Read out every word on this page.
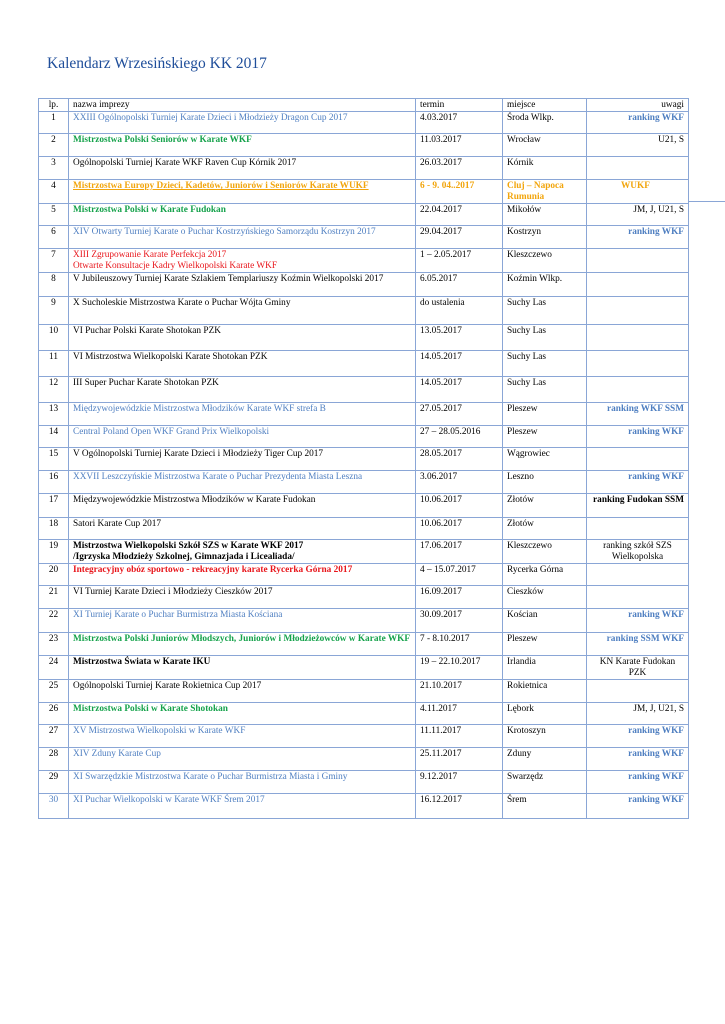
Kalendarz Wrzesińskiego KK 2017
lp.	nazwa imprezy	termin	miejsce	uwagi
1	XXIII Ogólnopolski Turniej Karate Dzieci i Młodzieży Dragon Cup 2017	4.03.2017	Środa Wlkp.	ranking WKF
2	Mistrzostwa Polski Seniorów w Karate WKF	11.03.2017	Wrocław	U21, S
3	Ogólnopolski Turniej Karate WKF Raven Cup Kórnik 2017	26.03.2017	Kórnik	
4	Mistrzostwa Europy Dzieci, Kadetów, Juniorów i Seniorów Karate WUKF	6 - 9. 04..2017	Cluj – Napoca Rumunia	WUKF
5	Mistrzostwa Polski w Karate Fudokan	22.04.2017	Mikołów	JM, J, U21, S
6	XIV Otwarty Turniej Karate o Puchar Kostrzyńskiego Samorządu Kostrzyn 2017	29.04.2017	Kostrzyn	ranking WKF
7	XIII Zgrupowanie Karate Perfekcja 2017
Otwarte Konsultacje Kadry Wielkopolski Karate WKF	1 – 2.05.2017	Kleszczewo	
8	V Jubileuszowy Turniej Karate Szlakiem Templariuszy Koźmin Wielkopolski 2017	6.05.2017	Koźmin Wlkp.	
9	X Sucholeskie Mistrzostwa Karate o Puchar Wójta Gminy	do ustalenia	Suchy Las	
10	VI Puchar Polski Karate Shotokan PZK	13.05.2017	Suchy Las	
11	VI Mistrzostwa Wielkopolski Karate Shotokan PZK	14.05.2017	Suchy Las	
12	III Super Puchar Karate Shotokan PZK	14.05.2017	Suchy Las	
13	Międzywojewódzkie Mistrzostwa Młodzików Karate WKF strefa B	27.05.2017	Pleszew	ranking WKF SSM
14	Central Poland Open WKF Grand Prix Wielkopolski	27 – 28.05.2016	Pleszew	ranking WKF
15	V Ogólnopolski Turniej Karate Dzieci i Młodzieży Tiger Cup 2017	28.05.2017	Wągrowiec	
16	XXVII Leszczyńskie Mistrzostwa Karate o Puchar Prezydenta Miasta Leszna	3.06.2017	Leszno	ranking WKF
17	Międzywojewódzkie Mistrzostwa Młodzików w Karate Fudokan	10.06.2017	Złotów	ranking Fudokan SSM
18	Satori Karate Cup 2017	10.06.2017	Złotów	
19	Mistrzostwa Wielkopolski Szkół SZS w Karate WKF 2017
/Igrzyska Młodzieży Szkolnej, Gimnazjada i Licealiada/	17.06.2017	Kleszczewo	ranking szkół SZS Wielkopolska
20	Integracyjny obóz sportowo - rekreacyjny karate Rycerka Górna 2017	4 – 15.07.2017	Rycerka Górna	
21	VI Turniej Karate Dzieci i Młodzieży Cieszków 2017	16.09.2017	Cieszków	
22	XI Turniej Karate o Puchar Burmistrza Miasta Kościana	30.09.2017	Kościan	ranking WKF
23	Mistrzostwa Polski Juniorów Młodszych, Juniorów i Młodzieżowców w Karate WKF	7 - 8.10.2017	Pleszew	ranking SSM WKF
24	Mistrzostwa Świata w Karate IKU	19 – 22.10.2017	Irlandia	KN Karate Fudokan PZK
25	Ogólnopolski Turniej Karate Rokietnica Cup 2017	21.10.2017	Rokietnica	
26	Mistrzostwa Polski w Karate Shotokan	4.11.2017	Lębork	JM, J, U21, S
27	XV Mistrzostwa Wielkopolski w Karate WKF	11.11.2017	Krotoszyn	ranking WKF
28	XIV Zduny Karate Cup	25.11.2017	Zduny	ranking WKF
29	XI Swarzędzkie Mistrzostwa Karate o Puchar Burmistrza Miasta i Gminy	9.12.2017	Swarzędz	ranking WKF
30	XI Puchar Wielkopolski w Karate WKF Śrem 2017	16.12.2017	Śrem	ranking WKF
